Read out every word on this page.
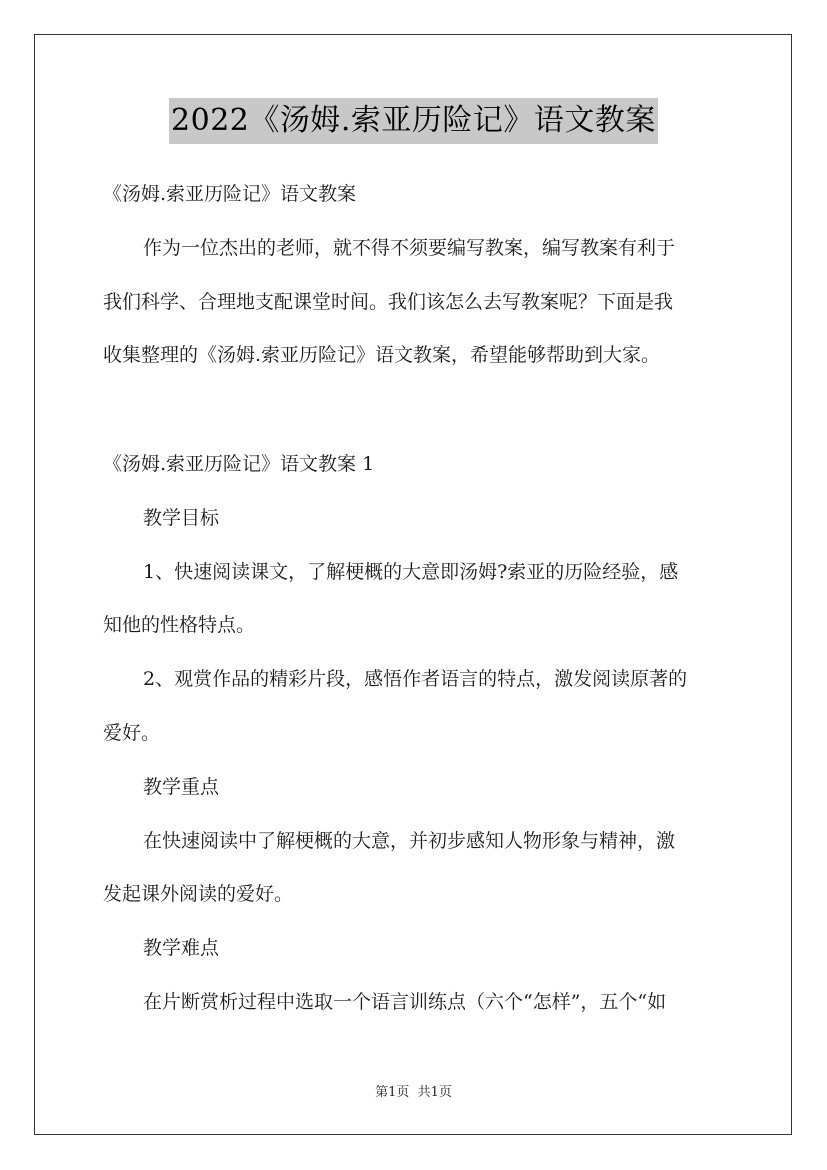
2022《汤姆.索亚历险记》语文教案
《汤姆.索亚历险记》语文教案
作为一位杰出的老师，就不得不须要编写教案，编写教案有利于
我们科学、合理地支配课堂时间。我们该怎么去写教案呢？下面是我
收集整理的《汤姆.索亚历险记》语文教案，希望能够帮助到大家。
《汤姆.索亚历险记》语文教案 1
教学目标
1、快速阅读课文，了解梗概的大意即汤姆?索亚的历险经验，感
知他的性格特点。
2、观赏作品的精彩片段，感悟作者语言的特点，激发阅读原著的
爱好。
教学重点
在快速阅读中了解梗概的大意，并初步感知人物形象与精神，激
发起课外阅读的爱好。
教学难点
在片断赏析过程中选取一个语言训练点（六个“怎样”，五个“如
第1页  共1页
